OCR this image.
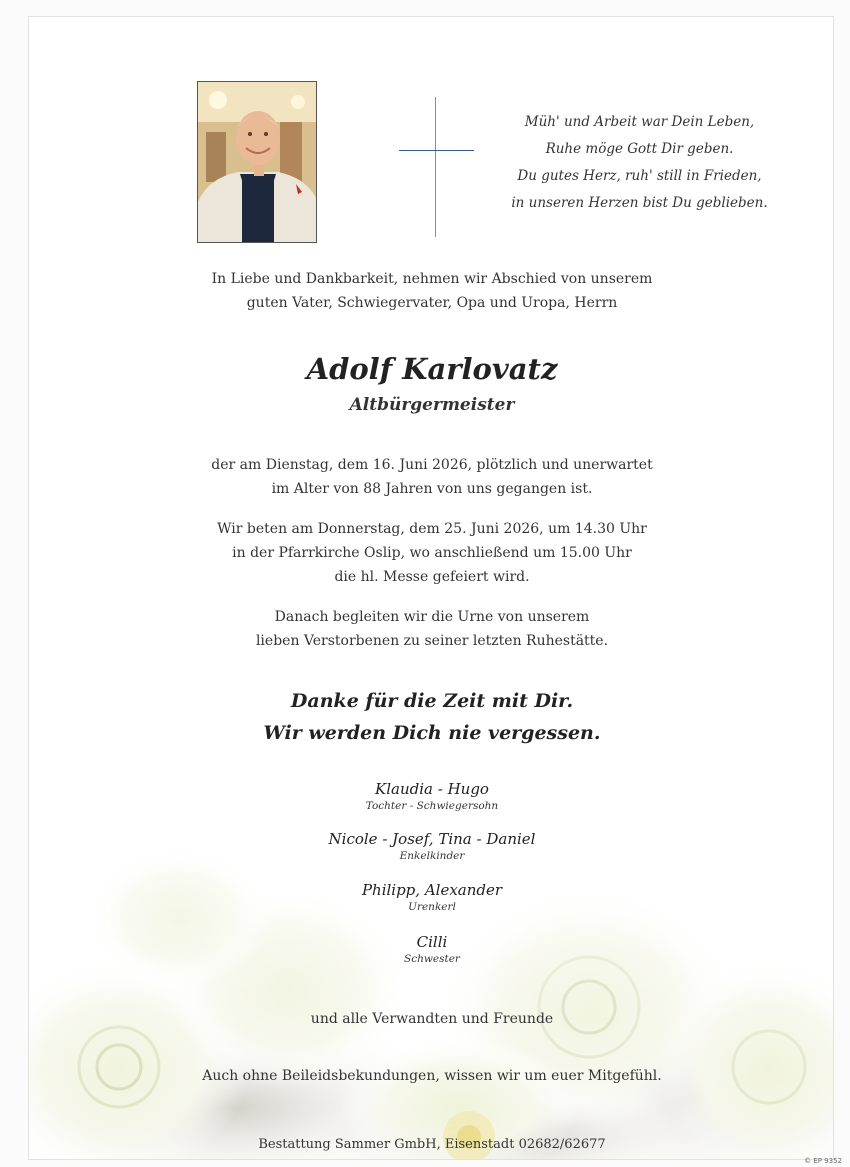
Müh' und Arbeit war Dein Leben,
Ruhe möge Gott Dir geben.
Du gutes Herz, ruh' still in Frieden,
in unseren Herzen bist Du geblieben.
In Liebe und Dankbarkeit, nehmen wir Abschied von unserem
guten Vater, Schwiegervater, Opa und Uropa, Herrn
Adolf Karlovatz
Altbürgermeister
der am Dienstag, dem 16. Juni 2026, plötzlich und unerwartet
im Alter von 88 Jahren von uns gegangen ist.
Wir beten am Donnerstag, dem 25. Juni 2026, um 14.30 Uhr
in der Pfarrkirche Oslip, wo anschließend um 15.00 Uhr
die hl. Messe gefeiert wird.
Danach begleiten wir die Urne von unserem
lieben Verstorbenen zu seiner letzten Ruhestätte.
Danke für die Zeit mit Dir.
Wir werden Dich nie vergessen.
Klaudia - Hugo
Tochter - Schwiegersohn
Nicole - Josef, Tina - Daniel
Enkelkinder
Philipp, Alexander
Urenkerl
Cilli
Schwester
und alle Verwandten und Freunde
Auch ohne Beileidsbekundungen, wissen wir um euer Mitgefühl.
Bestattung Sammer GmbH, Eisenstadt 02682/62677
© EP 9352
